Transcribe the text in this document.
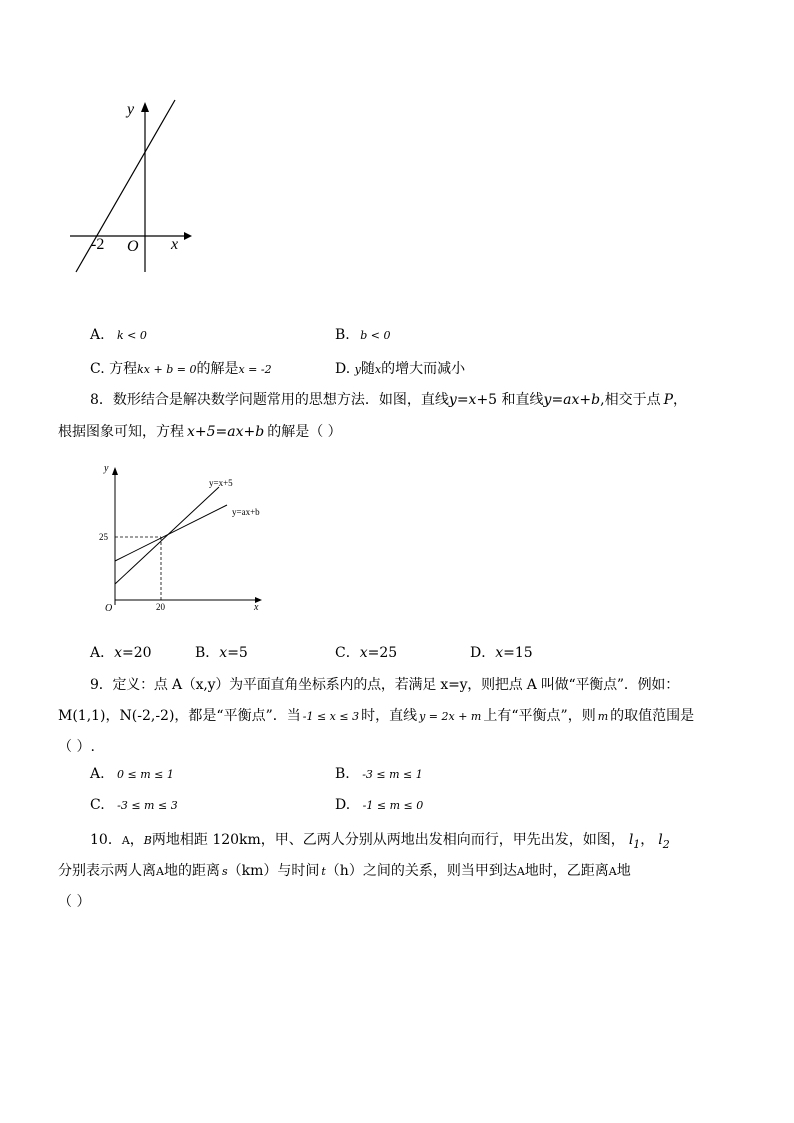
y
x
O
-2
A. k < 0	B. b < 0
C. 方程kx + b = 0的解是x = -2	D. y随x的增大而减小
8．数形结合是解决数学问题常用的思想方法．如图，直线y=x+5 和直线y=ax+b,相交于点 P，
根据图象可知，方程 x+5=ax+b 的解是（ ）
y
x
O
y=x+5
y=ax+b
25
20
A．x=20	B．x=5	C．x=25	D．x=15
9．定义：点 A（x,y）为平面直角坐标系内的点，若满足 x=y，则把点 A 叫做“平衡点”．例如：
M(1,1)，N(-2,-2)，都是“平衡点”．当 -1 ≤ x ≤ 3 时，直线 y = 2x + m 上有“平衡点”，则 m 的取值范围是
（ ）.
A. 0 ≤ m ≤ 1	B. -3 ≤ m ≤ 1
C. -3 ≤ m ≤ 3	D. -1 ≤ m ≤ 0
10．A，B两地相距 120km，甲、乙两人分别从两地出发相向而行，甲先出发，如图， $l_1$， $l_2$
分别表示两人离A地的距离 s（km）与时间 t（h）之间的关系，则当甲到达A地时，乙距离A地
（ ）
